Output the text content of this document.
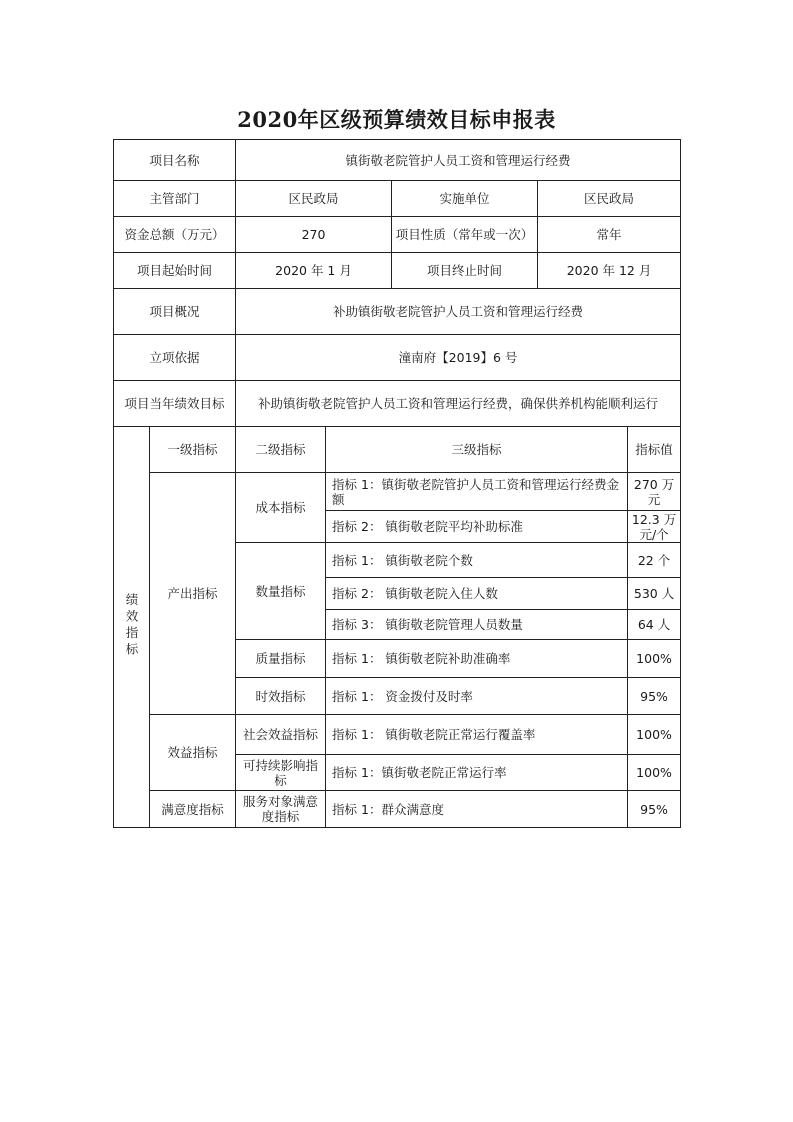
2020年区级预算绩效目标申报表
项目名称		镇街敬老院管护人员工资和管理运行经费				
主管部门		区民政局		实施单位	区民政局	
资金总额（万元）		270		项目性质（常年或一次）	常年	
项目起始时间		2020 年 1 月		项目终止时间	2020 年 12 月	
项目概况		补助镇街敬老院管护人员工资和管理运行经费				
立项依据		潼南府【2019】6 号				
项目当年绩效目标		补助镇街敬老院管护人员工资和管理运行经费，确保供养机构能顺利运行				
绩效指标	一级指标	二级指标	三级指标			指标值
	产出指标	成本指标	指标 1：镇街敬老院管护人员工资和管理运行经费金额			270 万元
			指标 2： 镇街敬老院平均补助标准			12.3 万元/个
		数量指标	指标 1： 镇街敬老院个数			22 个
			指标 2： 镇街敬老院入住人数			530 人
			指标 3： 镇街敬老院管理人员数量			64 人
		质量指标	指标 1： 镇街敬老院补助准确率			100%
		时效指标	指标 1： 资金拨付及时率			95%
	效益指标	社会效益指标	指标 1： 镇街敬老院正常运行覆盖率			100%
		可持续影响指标	指标 1：镇街敬老院正常运行率			100%
	满意度指标	服务对象满意度指标	指标 1：群众满意度			95%
